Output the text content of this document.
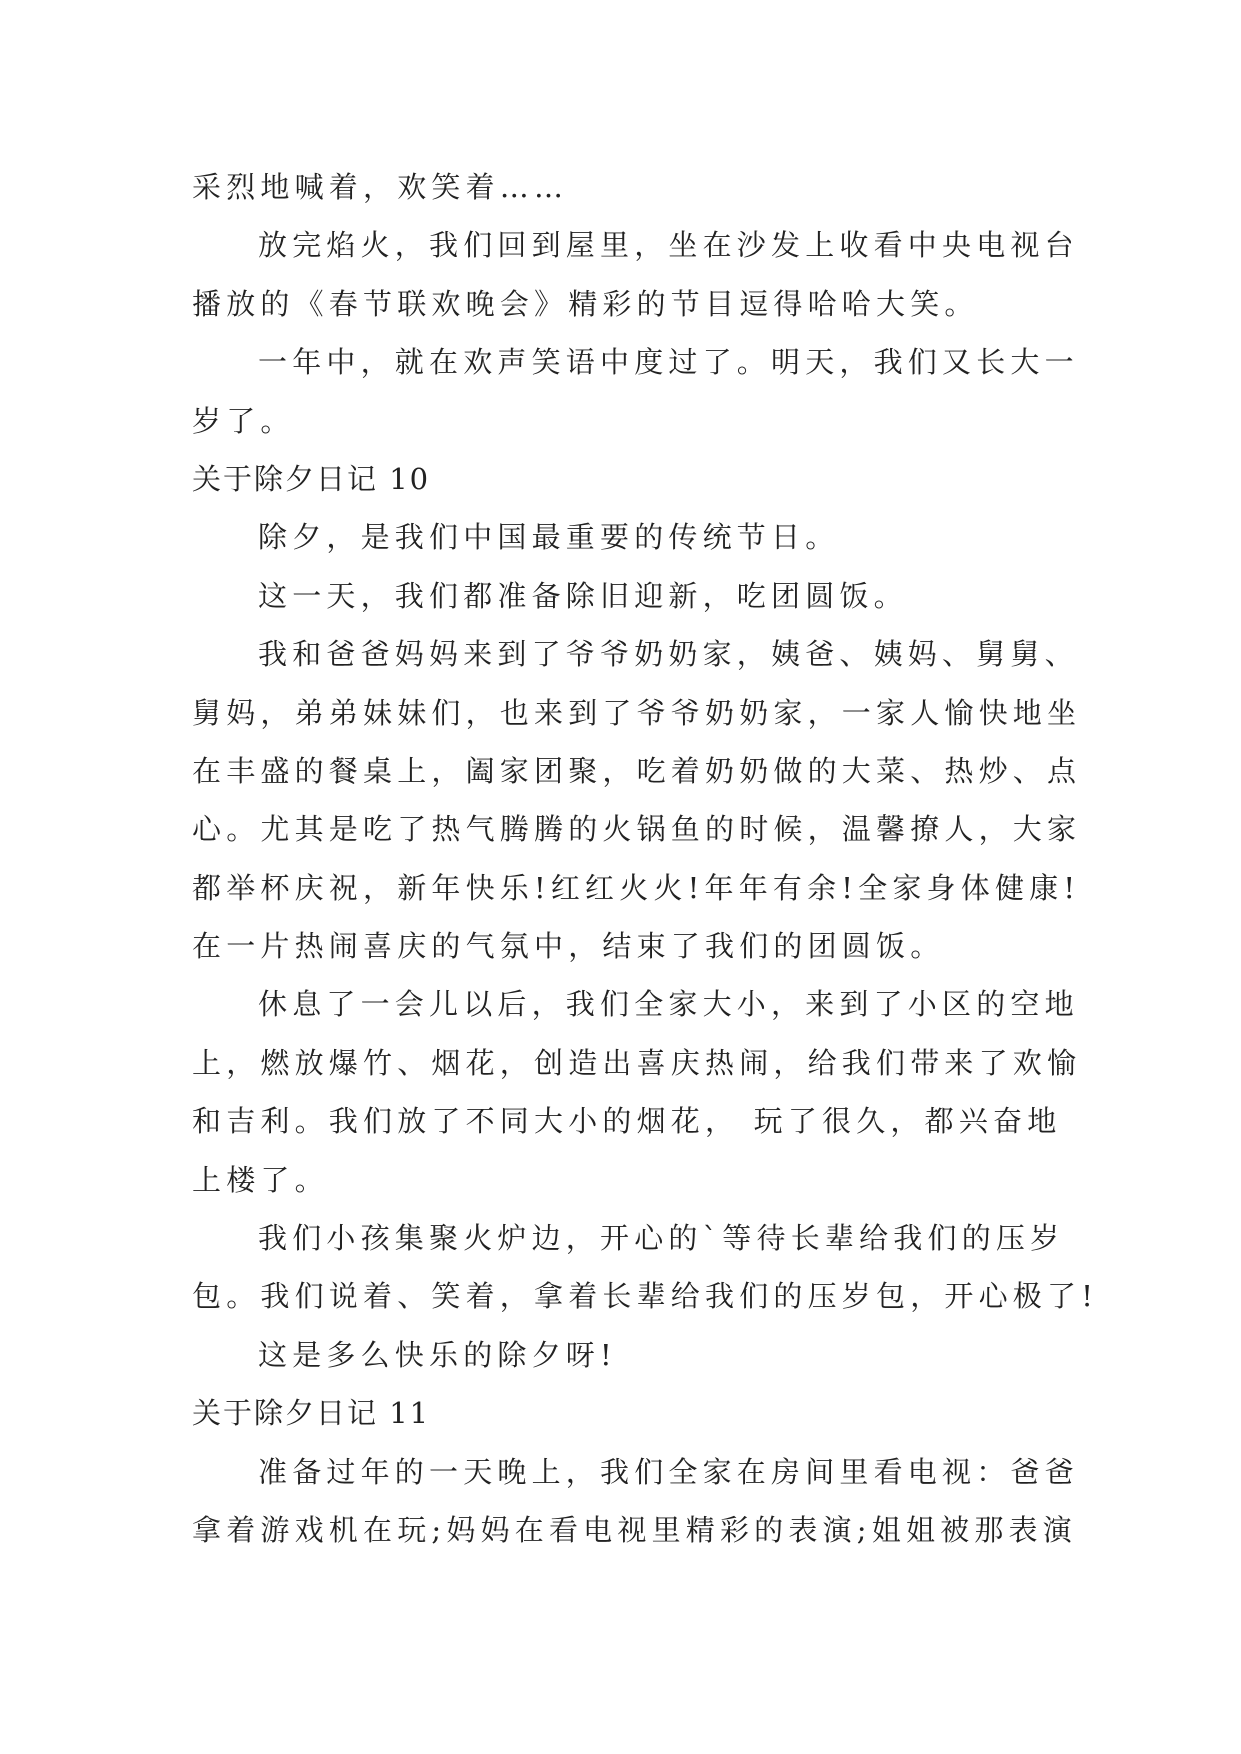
采烈地喊着，欢笑着……
放完焰火，我们回到屋里，坐在沙发上收看中央电视台
播放的《春节联欢晚会》精彩的节目逗得哈哈大笑。
一年中，就在欢声笑语中度过了。明天，我们又长大一
岁了。
关于除夕日记 10
除夕，是我们中国最重要的传统节日。
这一天，我们都准备除旧迎新，吃团圆饭。
我和爸爸妈妈来到了爷爷奶奶家，姨爸、姨妈、舅舅、
舅妈，弟弟妹妹们，也来到了爷爷奶奶家，一家人愉快地坐
在丰盛的餐桌上，阖家团聚，吃着奶奶做的大菜、热炒、点
心。尤其是吃了热气腾腾的火锅鱼的时候，温馨撩人，大家
都举杯庆祝，新年快乐!红红火火!年年有余!全家身体健康!
在一片热闹喜庆的气氛中，结束了我们的团圆饭。
休息了一会儿以后，我们全家大小，来到了小区的空地
上，燃放爆竹、烟花，创造出喜庆热闹，给我们带来了欢愉
和吉利。我们放了不同大小的烟花， 玩了很久，都兴奋地
上楼了。
我们小孩集聚火炉边，开心的`等待长辈给我们的压岁
包。我们说着、笑着，拿着长辈给我们的压岁包，开心极了!
这是多么快乐的除夕呀!
关于除夕日记 11
准备过年的一天晚上，我们全家在房间里看电视：爸爸
拿着游戏机在玩;妈妈在看电视里精彩的表演;姐姐被那表演
